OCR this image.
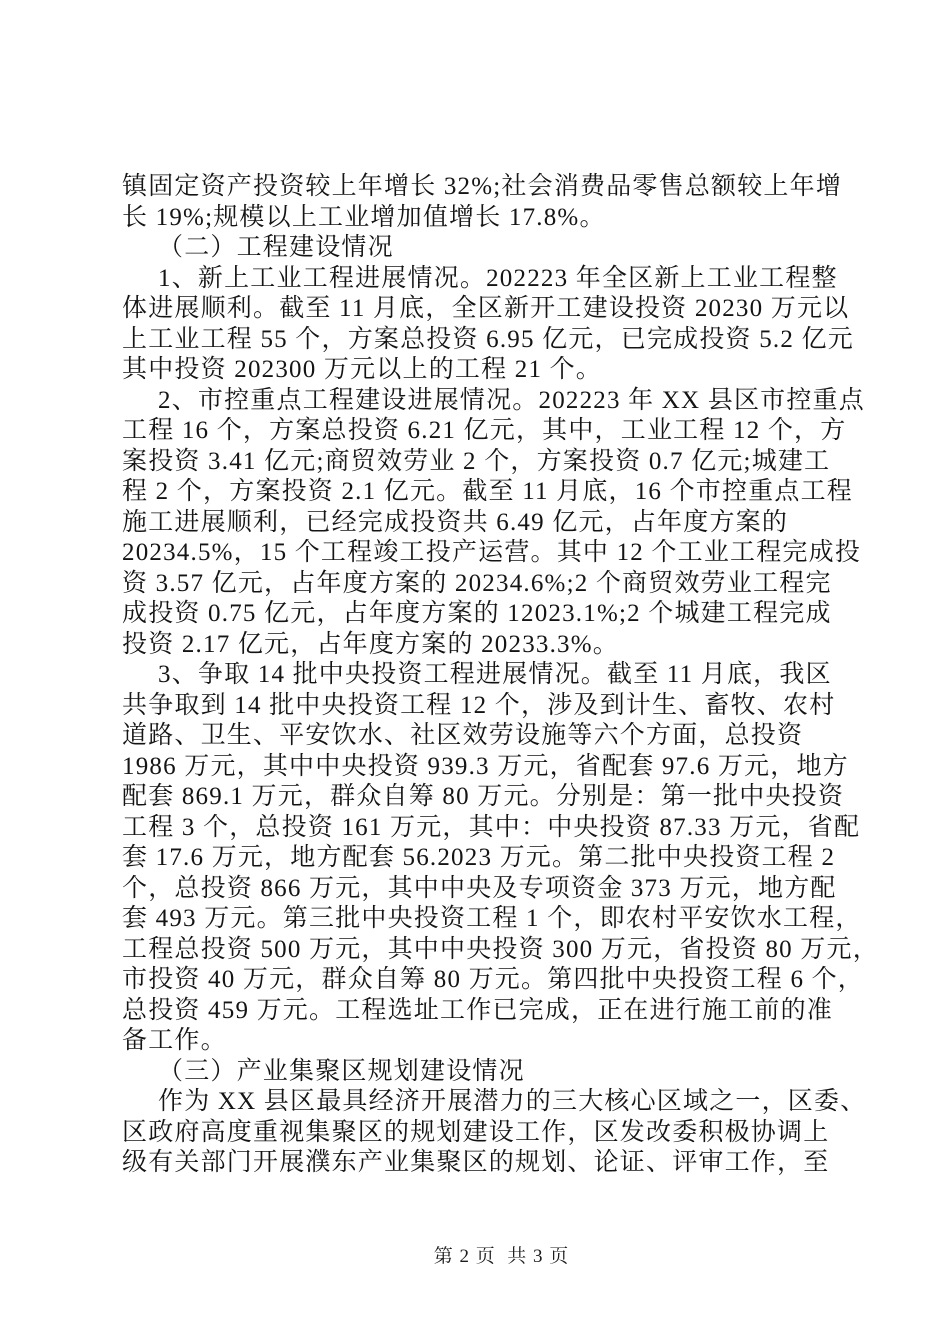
镇固定资产投资较上年增长 32%;社会消费品零售总额较上年增
长 19%;规模以上工业增加值增长 17.8%。
（二）工程建设情况
1、新上工业工程进展情况。202223 年全区新上工业工程整
体进展顺利。截至 11 月底，全区新开工建设投资 20230 万元以
上工业工程 55 个，方案总投资 6.95 亿元，已完成投资 5.2 亿元
其中投资 202300 万元以上的工程 21 个。
2、市控重点工程建设进展情况。202223 年 XX 县区市控重点
工程 16 个，方案总投资 6.21 亿元，其中，工业工程 12 个，方
案投资 3.41 亿元;商贸效劳业 2 个，方案投资 0.7 亿元;城建工
程 2 个，方案投资 2.1 亿元。截至 11 月底，16 个市控重点工程
施工进展顺利，已经完成投资共 6.49 亿元，占年度方案的
20234.5%，15 个工程竣工投产运营。其中 12 个工业工程完成投
资 3.57 亿元，占年度方案的 20234.6%;2 个商贸效劳业工程完
成投资 0.75 亿元，占年度方案的 12023.1%;2 个城建工程完成
投资 2.17 亿元，占年度方案的 20233.3%。
3、争取 14 批中央投资工程进展情况。截至 11 月底，我区
共争取到 14 批中央投资工程 12 个，涉及到计生、畜牧、农村
道路、卫生、平安饮水、社区效劳设施等六个方面，总投资
1986 万元，其中中央投资 939.3 万元，省配套 97.6 万元，地方
配套 869.1 万元，群众自筹 80 万元。分别是：第一批中央投资
工程 3 个，总投资 161 万元，其中：中央投资 87.33 万元，省配
套 17.6 万元，地方配套 56.2023 万元。第二批中央投资工程 2
个，总投资 866 万元，其中中央及专项资金 373 万元，地方配
套 493 万元。第三批中央投资工程 1 个，即农村平安饮水工程，
工程总投资 500 万元，其中中央投资 300 万元，省投资 80 万元，
市投资 40 万元，群众自筹 80 万元。第四批中央投资工程 6 个，
总投资 459 万元。工程选址工作已完成，正在进行施工前的准
备工作。
（三）产业集聚区规划建设情况
作为 XX 县区最具经济开展潜力的三大核心区域之一，区委、
区政府高度重视集聚区的规划建设工作，区发改委积极协调上
级有关部门开展濮东产业集聚区的规划、论证、评审工作，至
第 2 页  共 3 页
